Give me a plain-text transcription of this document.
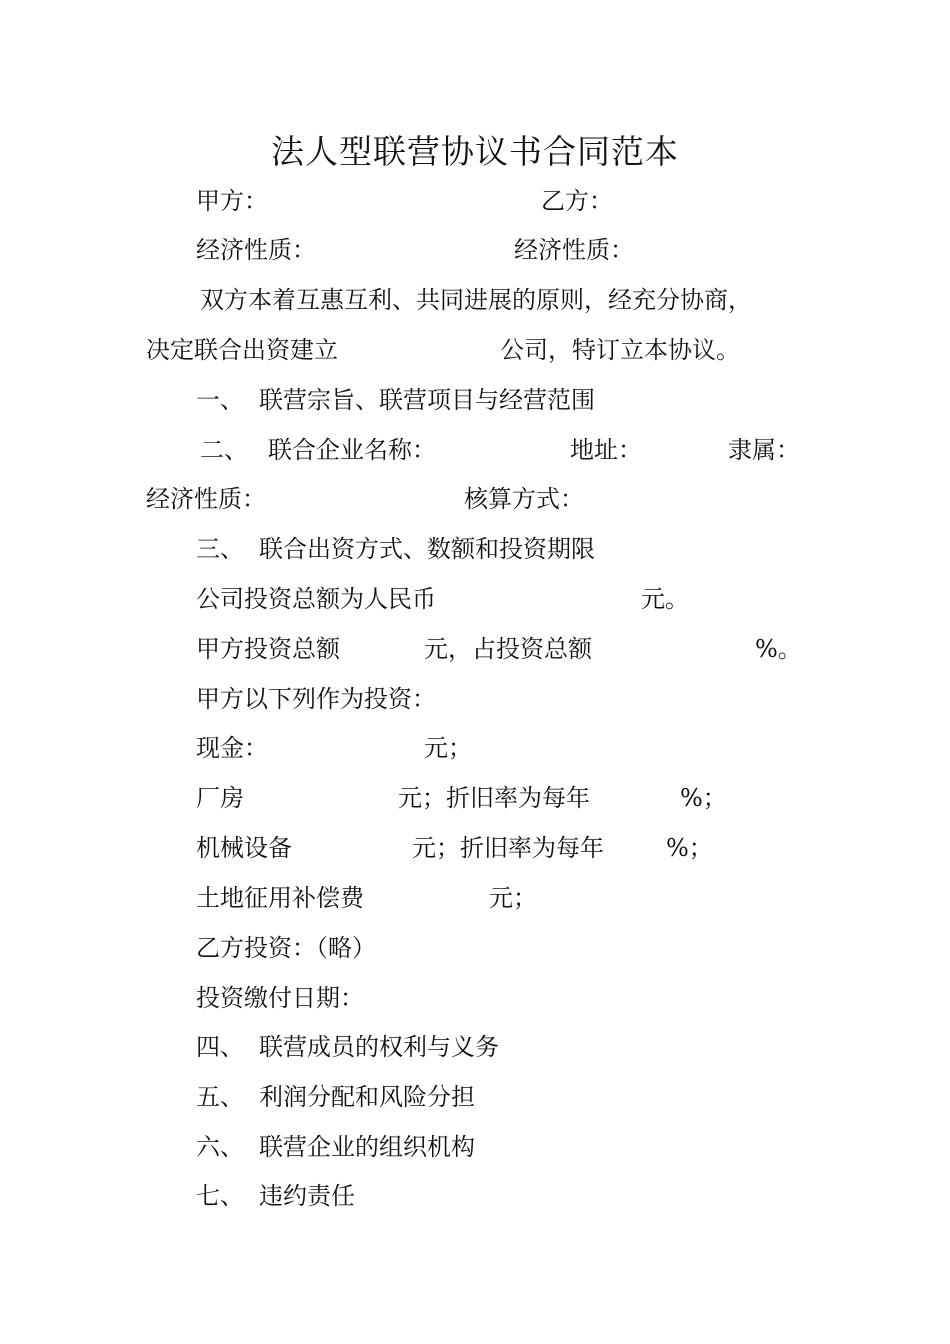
法人型联营协议书合同范本
甲方：	乙方：
经济性质：	经济性质：
双方本着互惠互利、共同进展的原则，经充分协商，
决定联合出资建立	公司，特订立本协议。
一、 联营宗旨、联营项目与经营范围
二、 联合企业名称：	地址：	隶属：
经济性质：	核算方式：
三、 联合出资方式、数额和投资期限
公司投资总额为人民币	元。
甲方投资总额	元，占投资总额	%。
甲方以下列作为投资：
现金：	元；
厂房	元；折旧率为每年	%；
机械设备	元；折旧率为每年	%；
土地征用补偿费	元；
乙方投资：（略）
投资缴付日期：
四、 联营成员的权利与义务
五、 利润分配和风险分担
六、 联营企业的组织机构
七、 违约责任
